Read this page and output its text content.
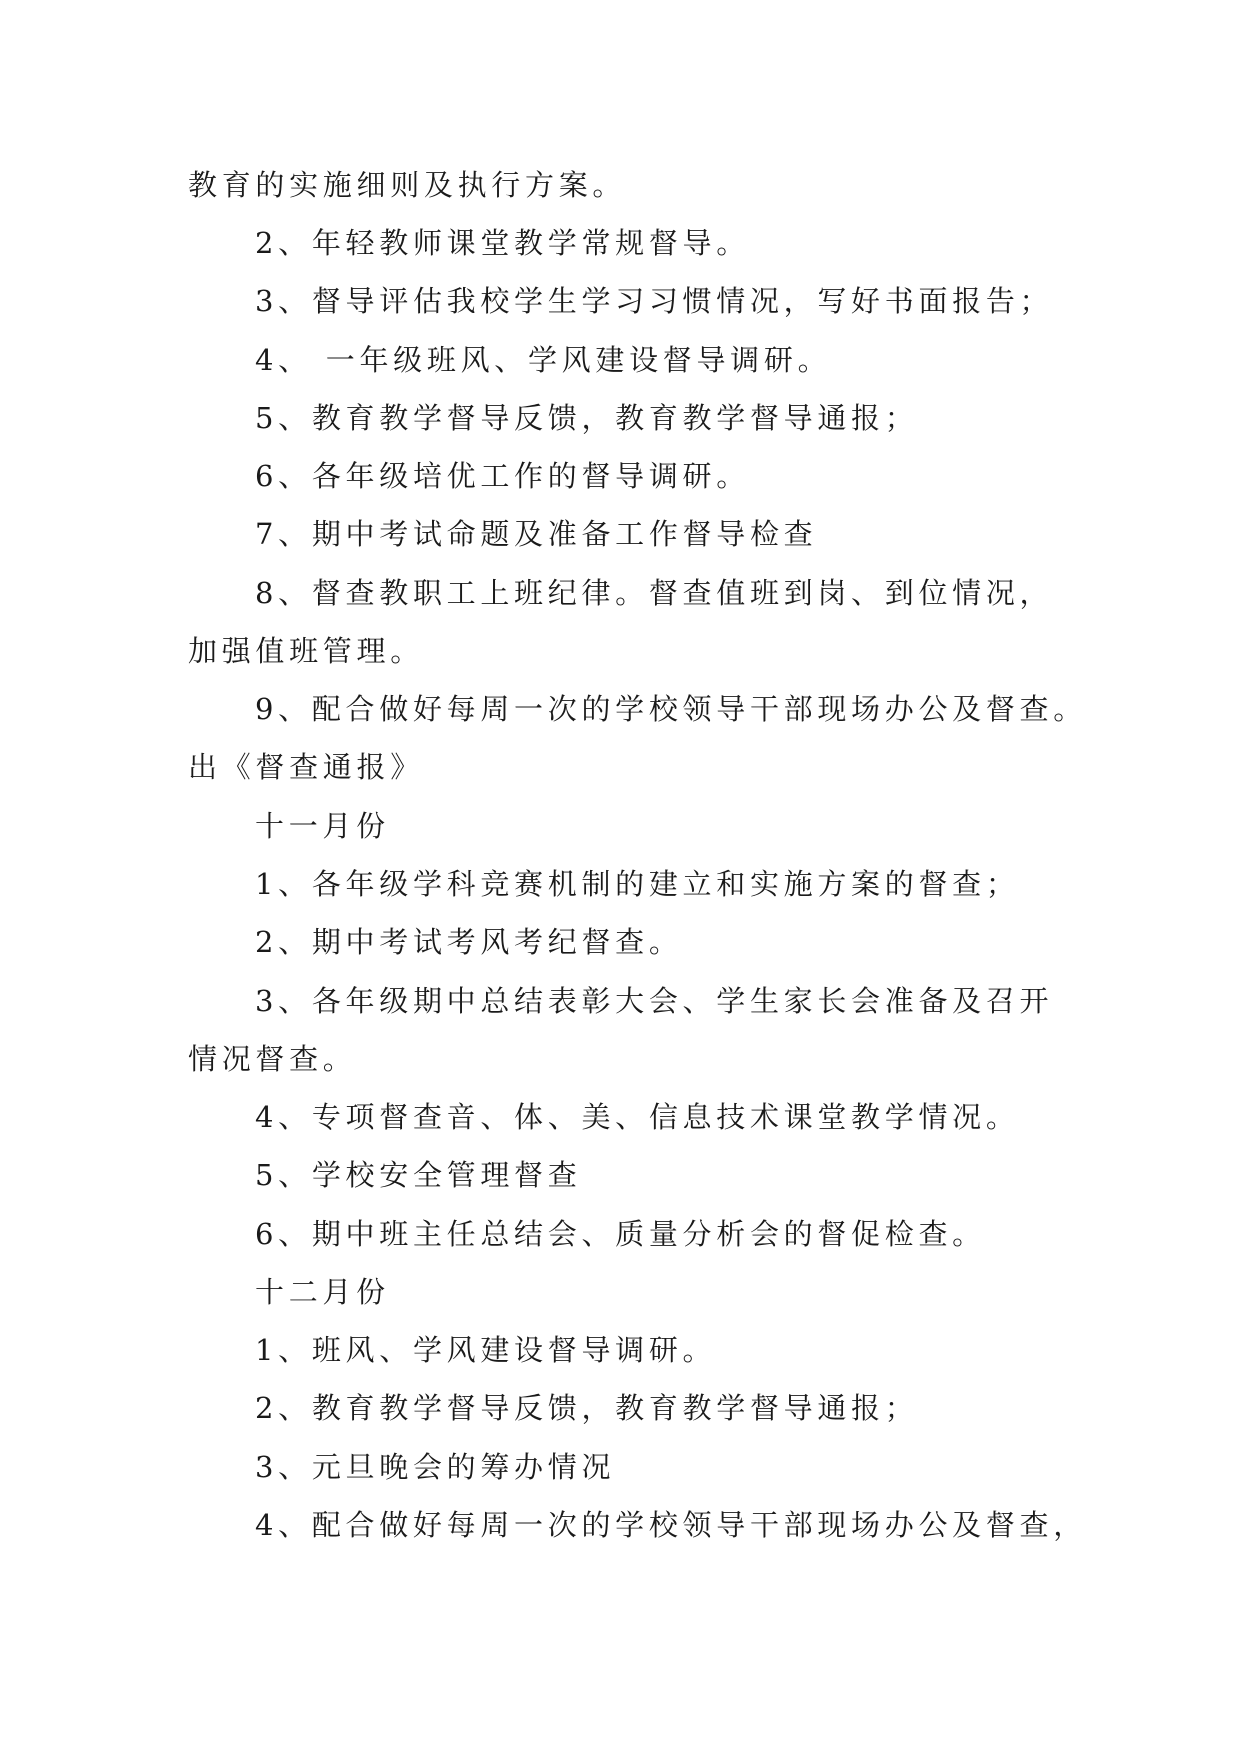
教育的实施细则及执行方案。
2、年轻教师课堂教学常规督导。
3、督导评估我校学生学习习惯情况，写好书面报告；
4、 一年级班风、学风建设督导调研。
5、教育教学督导反馈，教育教学督导通报；
6、各年级培优工作的督导调研。
7、期中考试命题及准备工作督导检查
8、督查教职工上班纪律。督查值班到岗、到位情况，
加强值班管理。
9、配合做好每周一次的学校领导干部现场办公及督查。
出《督查通报》
十一月份
1、各年级学科竞赛机制的建立和实施方案的督查；
2、期中考试考风考纪督查。
3、各年级期中总结表彰大会、学生家长会准备及召开
情况督查。
4、专项督查音、体、美、信息技术课堂教学情况。
5、学校安全管理督查
6、期中班主任总结会、质量分析会的督促检查。
十二月份
1、班风、学风建设督导调研。
2、教育教学督导反馈，教育教学督导通报；
3、元旦晚会的筹办情况
4、配合做好每周一次的学校领导干部现场办公及督查，
